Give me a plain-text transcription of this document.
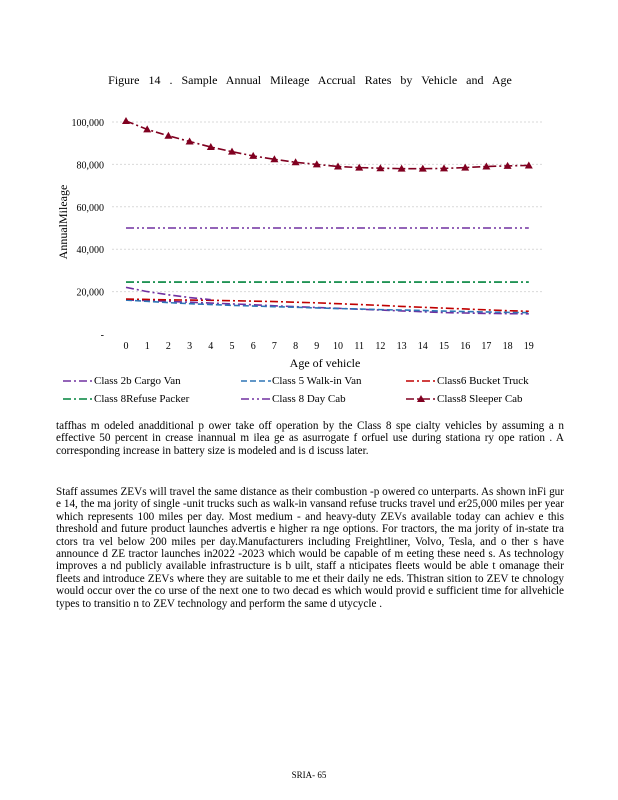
Figure 14 . Sample Annual Mileage Accrual Rates by Vehicle and Age
-
20,000
40,000
60,000
80,000
100,000
0 1 2 3 4 5 6 7 8 9 10 11 12 13 14 15 16 17 18 19
AnnualMileage
Age of vehicle
Class 2b Cargo Van	Class 5 Walk-in Van	Class6 Bucket Truck
Class 8Refuse Packer	Class 8 Day Cab	Class8 Sleeper Cab
taffhas m odeled anadditional p ower take off operation by the Class 8 spe cialty vehicles by assuming a n effective 50 percent in crease inannual m ilea ge as asurrogate f orfuel use during stationa ry ope ration . A corresponding increase in battery size is modeled and is d iscuss later.
Staff assumes ZEVs will travel the same distance as their combustion -p owered co unterparts. As shown inFi gur e 14, the ma jority of single -unit trucks such as walk-in vansand refuse trucks travel und er25,000 miles per year which represents 100 miles per day. Most medium - and heavy-duty ZEVs available today can achiev e this threshold and future product launches advertis e higher ra nge options. For tractors, the ma jority of in-state tra ctors tra vel below 200 miles per day.Manufacturers including Freightliner, Volvo, Tesla, and o ther s have announce d ZE tractor launches in2022 -2023 which would be capable of m eeting these need s. As technology improves a nd publicly available infrastructure is b uilt, staff a nticipates fleets would be able t omanage their fleets and introduce ZEVs where they are suitable to me et their daily ne eds. Thistran sition to ZEV te chnology would occur over the co urse of the next one to two decad es which would provid e sufficient time for allvehicle types to transitio n to ZEV technology and perform the same d utycycle .
SRIA- 65
